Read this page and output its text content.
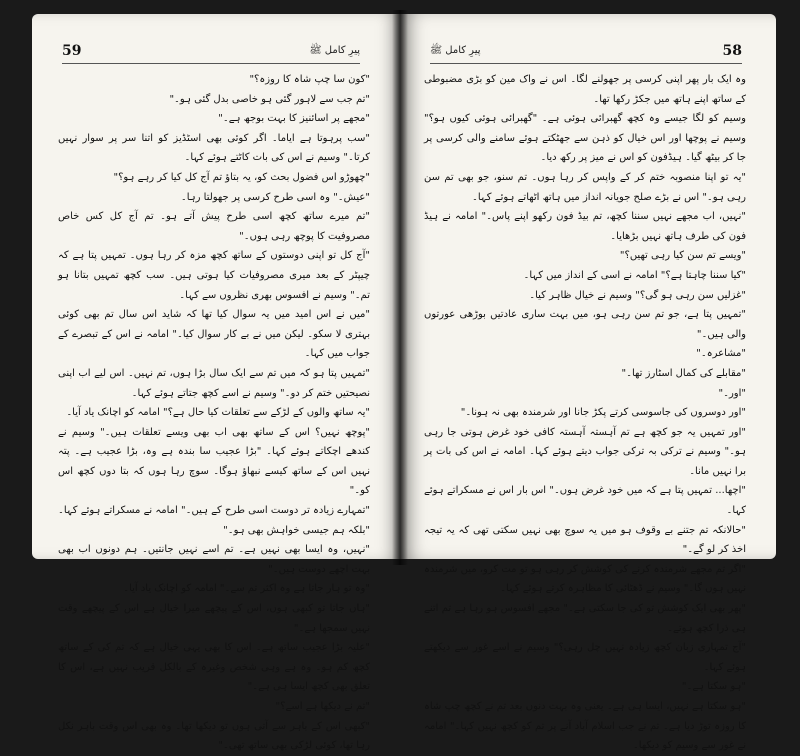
59	پیرِ کامل ﷺ

"کون سا چپ شاہ کا روزہ؟"

"تم جب سے لاہور گئی ہو خاصی بدل گئی ہو۔"

"مجھے پر اسائنیز کا بہت بوجھ ہے۔"

"سب پرہوتا ہے ایاما۔ اگر کوئی بھی اسٹڈیز کو اتنا سر پر سوار نہیں کرتا۔" وسیم نے اس کی بات کاٹتے ہوئے کہا۔

"چھوڑو اس فضول بحث کو، یہ بتاؤ تم آج کل کیا کر رہے ہو؟"

"عیش۔" وہ اسی طرح کرسی پر جھولتا رہا۔

"تم میرے ساتھ کچھ اسی طرح پیش آتے ہو۔ تم آج کل کس خاص مصروفیت کا پوچھ رہی ہوں۔"

"آج کل تو اپنی دوستوں کے ساتھ کچھ مزہ کر رہا ہوں۔ تمہیں پتا ہے کہ چیپٹر کے بعد میری مصروفیات کیا ہوتی ہیں۔ سب کچھ تمہیں بتانا ہو تم۔" وسیم نے افسوس بھری نظروں سے کہا۔

"میں نے اس امید میں یہ سوال کیا تھا کہ شاید اس سال تم بھی کوئی بہتری لا سکو۔ لیکن میں نے بے کار سوال کیا۔" امامہ نے اس کے تبصرے کے جواب میں کہا۔

"تمہیں پتا ہو کہ میں تم سے ایک سال بڑا ہوں، تم نہیں۔ اس لیے اب اپنی نصیحتیں ختم کر دو۔" وسیم نے اسے کچھ جتاتے ہوئے کہا۔

"یہ ساتھ والوں کے لڑکے سے تعلقات کیا حال ہے؟" امامہ کو اچانک یاد آیا۔

"پوچھ نہیں؟ اس کے ساتھ بھی اب بھی ویسے تعلقات ہیں۔" وسیم نے کندھے اچکاتے ہوئے کہا۔ "بڑا عجیب سا بندہ ہے وہ، بڑا عجیب ہے۔ پتہ نہیں اس کے ساتھ کیسے نبھاؤ ہوگا۔ سوچ رہا ہوں کہ بتا دوں کچھ اس کو۔"

"تمہارے زیادہ تر دوست اسی طرح کے ہیں۔" امامہ نے مسکراتے ہوئے کہا۔ "بلکہ ہم جیسی خواہش بھی ہو۔"

"نہیں، وہ ایسا بھی نہیں ہے۔ تم اسے نہیں جانتیں۔ ہم دونوں اب بھی بہت اچھے دوست ہیں۔"

"وہ تو ہار جاتا ہے وہ اکثر تم سے۔" امامہ کو اچانک یاد آیا۔

"ہاں جاتا تو کبھی ہوں، اس کے پیچھے میرا خیال ہے اس کے پیچھے وقت نہیں سمجھا ہے۔"

"علیہ بڑا عجیب ساتھ ہے۔ اس کا بھی یہی خیال ہے کہ تم کی کے ساتھ کچھ کم ہو۔ وہ ہے وہی شخص وغیرہ کے بالکل قریب نہیں ہے، اس کا تعلق بھی کچھ ایسا ہی ہے۔"

"تم نے دیکھا ہے اسے؟"

"کبھی اس کے باہر سے آتی ہوں تو دیکھا تھا۔ وہ بھی اس وقت باہر نکل رہا تھا، کوئی لڑکی بھی ساتھ تھی۔"

پیرِ کامل ﷺ	58

وہ ایک بار پھر اپنی کرسی پر جھولنے لگا۔ اس نے واک مین کو بڑی مضبوطی کے ساتھ اپنے ہاتھ میں جکڑ رکھا تھا۔

وسیم کو لگا جیسے وہ کچھ گھبرائی ہوئی ہے۔ "گھبرائی ہوئی کیوں ہو؟" وسیم نے پوچھا اور اس خیال کو ذہن سے جھٹکتے ہوئے سامنے والی کرسی پر جا کر بیٹھ گیا۔ ہیڈفون کو اس نے میز پر رکھ دیا۔

"یہ تو اپنا منصوبہ ختم کر کے واپس کر رہا ہوں۔ تم سنو، جو بھی تم سن رہی ہو۔" اس نے بڑے صلح جویانہ انداز میں ہاتھ اٹھاتے ہوئے کہا۔

"نہیں، اب مجھے نہیں سننا کچھ، تم بیڈ فون رکھو اپنے پاس۔" امامہ نے ہیڈ فون کی طرف ہاتھ نہیں بڑھایا۔

"ویسے تم سن کیا رہی تھیں؟"

"کیا سننا چاہتا ہے؟" امامہ نے اسی کے انداز میں کہا۔

"غزلیں سن رہی ہو گی؟" وسیم نے خیال ظاہر کیا۔

"تمہیں پتا ہے، جو تم سن رہی ہو، میں بہت ساری عادتیں بوڑھی عورتوں والی ہیں۔"

"مشاعرہ۔"

"مقابلے کی کمال اسٹارز تھا۔"

"اور۔"

"اور دوسروں کی جاسوسی کرتے پکڑ جانا اور شرمندہ بھی نہ ہونا۔"

"اور تمہیں یہ جو کچھ ہے تم آہستہ آہستہ کافی خود غرض ہوتی جا رہی ہو۔" وسیم نے ترکی بہ ترکی جواب دیتے ہوئے کہا۔ امامہ نے اس کی بات پر برا نہیں مانا۔

"اچھا... تمہیں پتا ہے کہ میں خود غرض ہوں۔" اس بار اس نے مسکراتے ہوئے کہا۔

"حالانکہ تم جتنے بے وقوف ہو میں یہ سوچ بھی نہیں سکتی تھی کہ یہ تیجہ اخذ کر لو گے۔"

"اگر تم مجھے شرمندہ کرنے کی کوشش کر رہی ہو تو مت کرو، میں شرمندہ نہیں ہوں گا۔" وسیم نے ڈھٹائی کا مظاہرہ کرتے ہوئے کہا۔

"پھر بھی ایک کوشش تو کی جا سکتی ہے۔" مجھے افسوس ہو رہا ہے تم اتنے ہی ذرا کچھ ہوتے۔

"آج تمہاری زبان کچھ زیادہ نہیں چل رہی؟" وسیم نے اسے غور سے دیکھتے ہوئے کہا۔

"ہو سکتا ہے۔"

"ہو سکتا ہے نہیں، ایسا ہی ہے۔ یعنی وہ بہت دنوں بعد تم نے کچھ چپ شاہ کا روزہ توڑ دیا ہے۔ تم نے جب اسلام آباد آنے پر تم کو کچھ نہیں کہا۔" امامہ نے غور سے وسیم کو دیکھا۔
